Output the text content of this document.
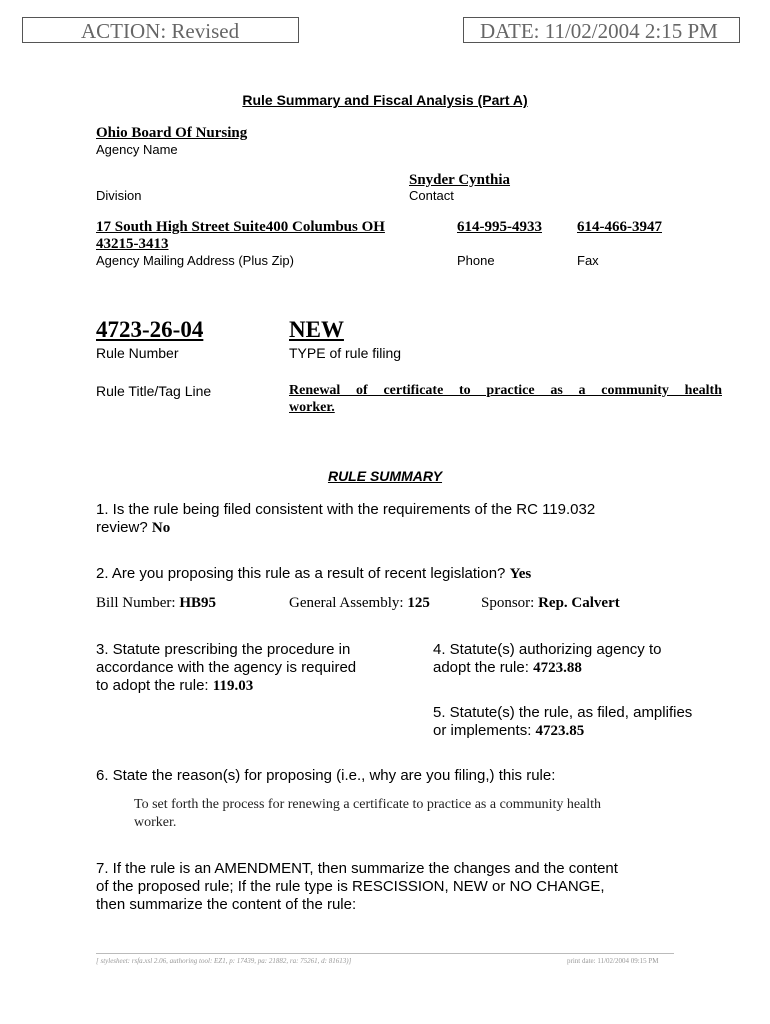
ACTION: Revised	DATE: 11/02/2004 2:15 PM
Rule Summary and Fiscal Analysis (Part A)
Ohio Board Of Nursing
Agency Name
Snyder Cynthia
Division	Contact
17 South High Street Suite400 Columbus OH
43215-3413
614-995-4933 614-466-3947
Agency Mailing Address (Plus Zip)	Phone	Fax
4723-26-04	NEW
Rule Number	TYPE of rule filing
Rule Title/Tag Line	Renewal of certificate to practice as a community health
worker.
RULE SUMMARY
1. Is the rule being filed consistent with the requirements of the RC 119.032
review? No
2. Are you proposing this rule as a result of recent legislation? Yes
Bill Number: HB95	General Assembly: 125	Sponsor: Rep. Calvert
3. Statute prescribing the procedure in
accordance with the agency is required
to adopt the rule: 119.03
4. Statute(s) authorizing agency to
adopt the rule: 4723.88
5. Statute(s) the rule, as filed, amplifies
or implements: 4723.85
6. State the reason(s) for proposing (i.e., why are you filing,) this rule:
To set forth the process for renewing a certificate to practice as a community health
worker.
7. If the rule is an AMENDMENT, then summarize the changes and the content
of the proposed rule; If the rule type is RESCISSION, NEW or NO CHANGE,
then summarize the content of the rule:
[ stylesheet: rsfa.xsl 2.06, authoring tool: EZ1, p: 17439, pa: 21882, ra: 75261, d: 81613)]	print date: 11/02/2004 09:15 PM
